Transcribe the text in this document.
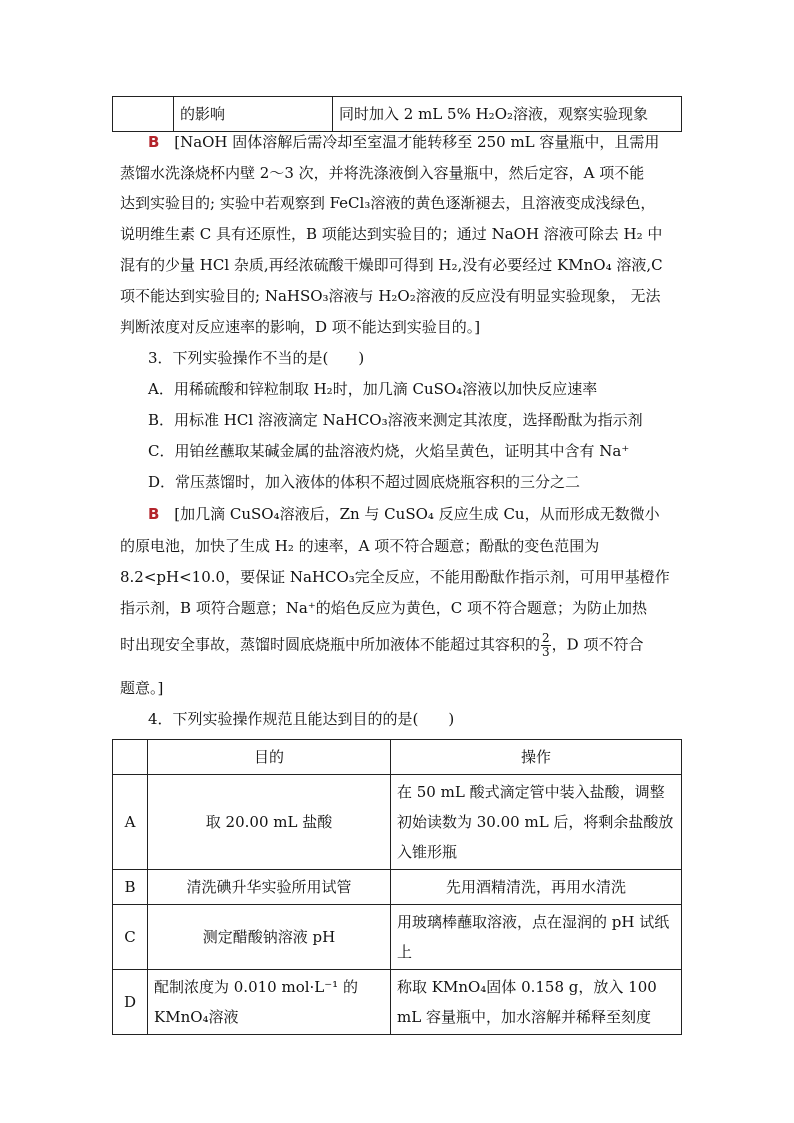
	的影响	同时加入 2 mL 5% H₂O₂溶液，观察实验现象
B [NaOH 固体溶解后需冷却至室温才能转移至 250 mL 容量瓶中，且需用
蒸馏水洗涤烧杯内壁 2～3 次，并将洗涤液倒入容量瓶中，然后定容，A 项不能
达到实验目的; 实验中若观察到 FeCl₃溶液的黄色逐渐褪去，且溶液变成浅绿色，
说明维生素 C 具有还原性，B 项能达到实验目的；通过 NaOH 溶液可除去 H₂ 中
混有的少量 HCl 杂质,再经浓硫酸干燥即可得到 H₂,没有必要经过 KMnO₄ 溶液,C
项不能达到实验目的; NaHSO₃溶液与 H₂O₂溶液的反应没有明显实验现象， 无法
判断浓度对反应速率的影响，D 项不能达到实验目的。]
3．下列实验操作不当的是(　　)
A．用稀硫酸和锌粒制取 H₂时，加几滴 CuSO₄溶液以加快反应速率
B．用标准 HCl 溶液滴定 NaHCO₃溶液来测定其浓度，选择酚酞为指示剂
C．用铂丝蘸取某碱金属的盐溶液灼烧，火焰呈黄色，证明其中含有 Na⁺
D．常压蒸馏时，加入液体的体积不超过圆底烧瓶容积的三分之二
B [加几滴 CuSO₄溶液后，Zn 与 CuSO₄ 反应生成 Cu，从而形成无数微小
的原电池，加快了生成 H₂ 的速率，A 项不符合题意；酚酞的变色范围为
8.2<pH<10.0，要保证 NaHCO₃完全反应，不能用酚酞作指示剂，可用甲基橙作
指示剂，B 项符合题意；Na⁺的焰色反应为黄色，C 项不符合题意；为防止加热
时出现安全事故，蒸馏时圆底烧瓶中所加液体不能超过其容积的 $\frac{2}{3}$ ，D 项不符合
题意。]
4．下列实验操作规范且能达到目的的是(　　)
	目的	操作
A	取 20.00 mL 盐酸	在 50 mL 酸式滴定管中装入盐酸，调整初始读数为 30.00 mL 后，将剩余盐酸放入锥形瓶
B	清洗碘升华实验所用试管	先用酒精清洗，再用水清洗
C	测定醋酸钠溶液 pH	用玻璃棒蘸取溶液，点在湿润的 pH 试纸上
D	配制浓度为 0.010 mol·L⁻¹ 的 KMnO₄溶液	称取 KMnO₄固体 0.158 g，放入 100 mL 容量瓶中，加水溶解并稀释至刻度
